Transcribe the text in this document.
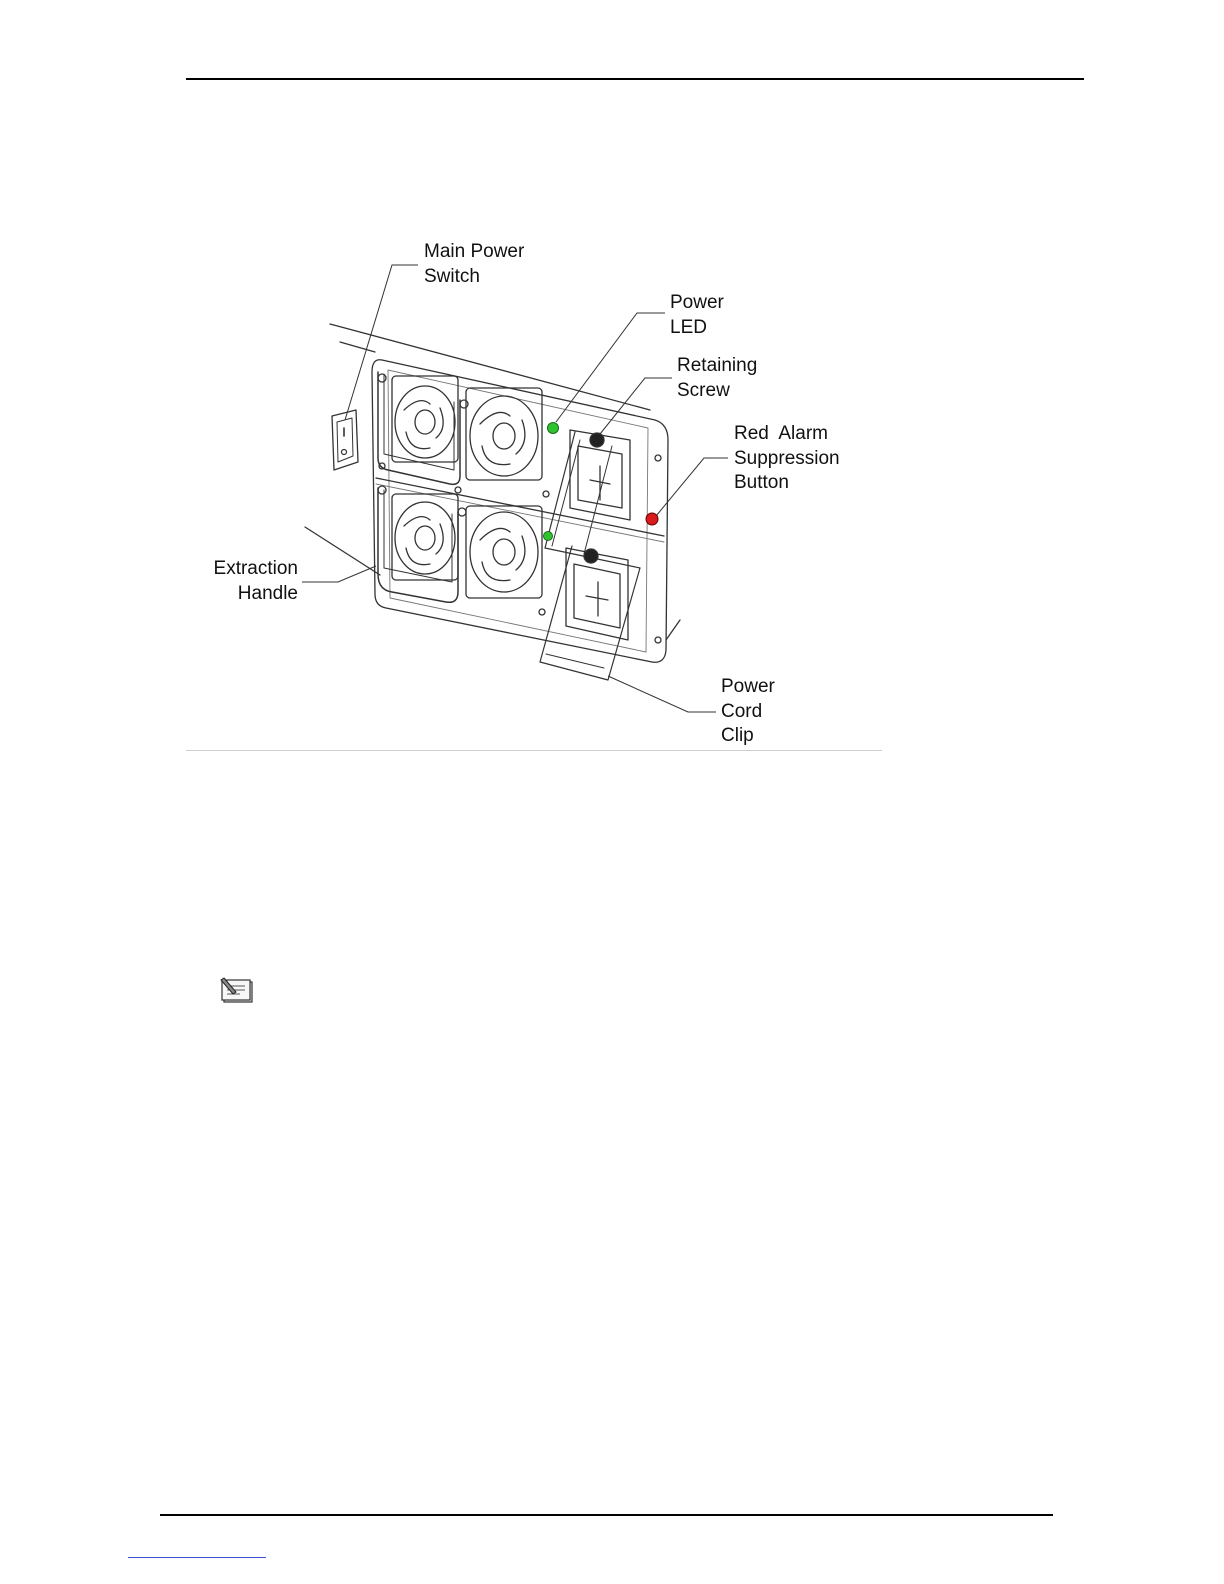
Main Power
Switch
Power
LED
Retaining
Screw
Red  Alarm
Suppression
Button
Extraction
Handle
Power
Cord
Clip
